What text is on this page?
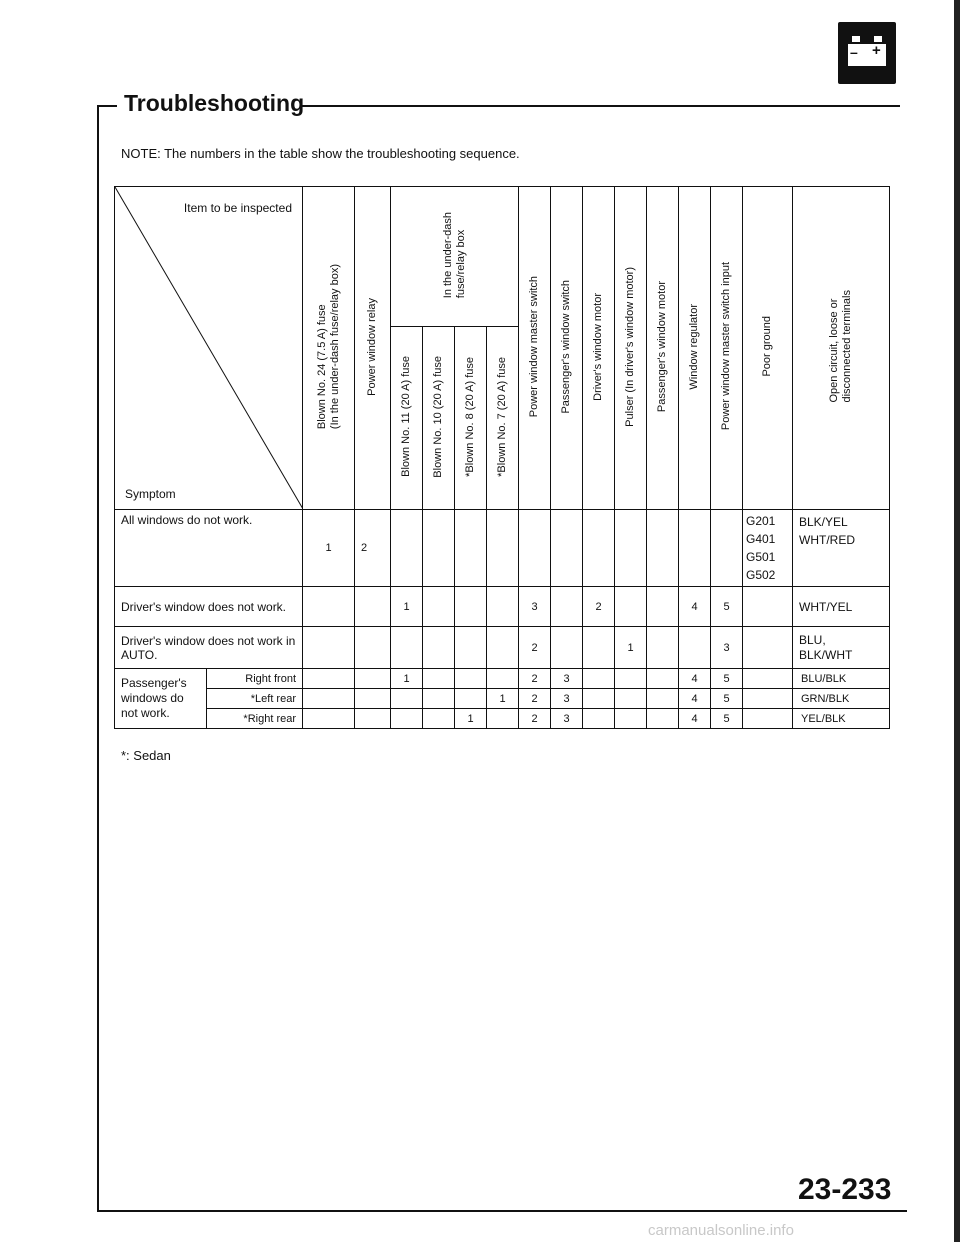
– +
Troubleshooting
NOTE: The numbers in the table show the troubleshooting sequence.
Item to be inspected
Symptom		Blown No. 24 (7.5 A) fuse
(In the under-dash fuse/relay box)	Power window relay	In the under-dash
fuse/relay box				Power window master switch	Passenger's window switch	Driver's window motor	Pulser (In driver's window motor)	Passenger's window motor	Window regulator	Power window master switch input	Poor ground	Open circuit, loose or
disconnected terminals
				Blown No. 11 (20 A) fuse	Blown No. 10 (20 A) fuse	*Blown No. 8 (20 A) fuse	*Blown No. 7 (20 A) fuse									
All windows do not work.		1	2												G201
G401
G501
G502	BLK/YEL
WHT/RED
Driver's window does not work.				1				3		2			4	5		WHT/YEL
Driver's window does not work in AUTO.								2			1			3		BLU,
BLK/WHT
Passenger's windows do not work.	Right front			1				2	3				4	5		BLU/BLK
	*Left rear						1	2	3				4	5		GRN/BLK
	*Right rear					1		2	3				4	5		YEL/BLK
*: Sedan
23-233
carmanualsonline.info
